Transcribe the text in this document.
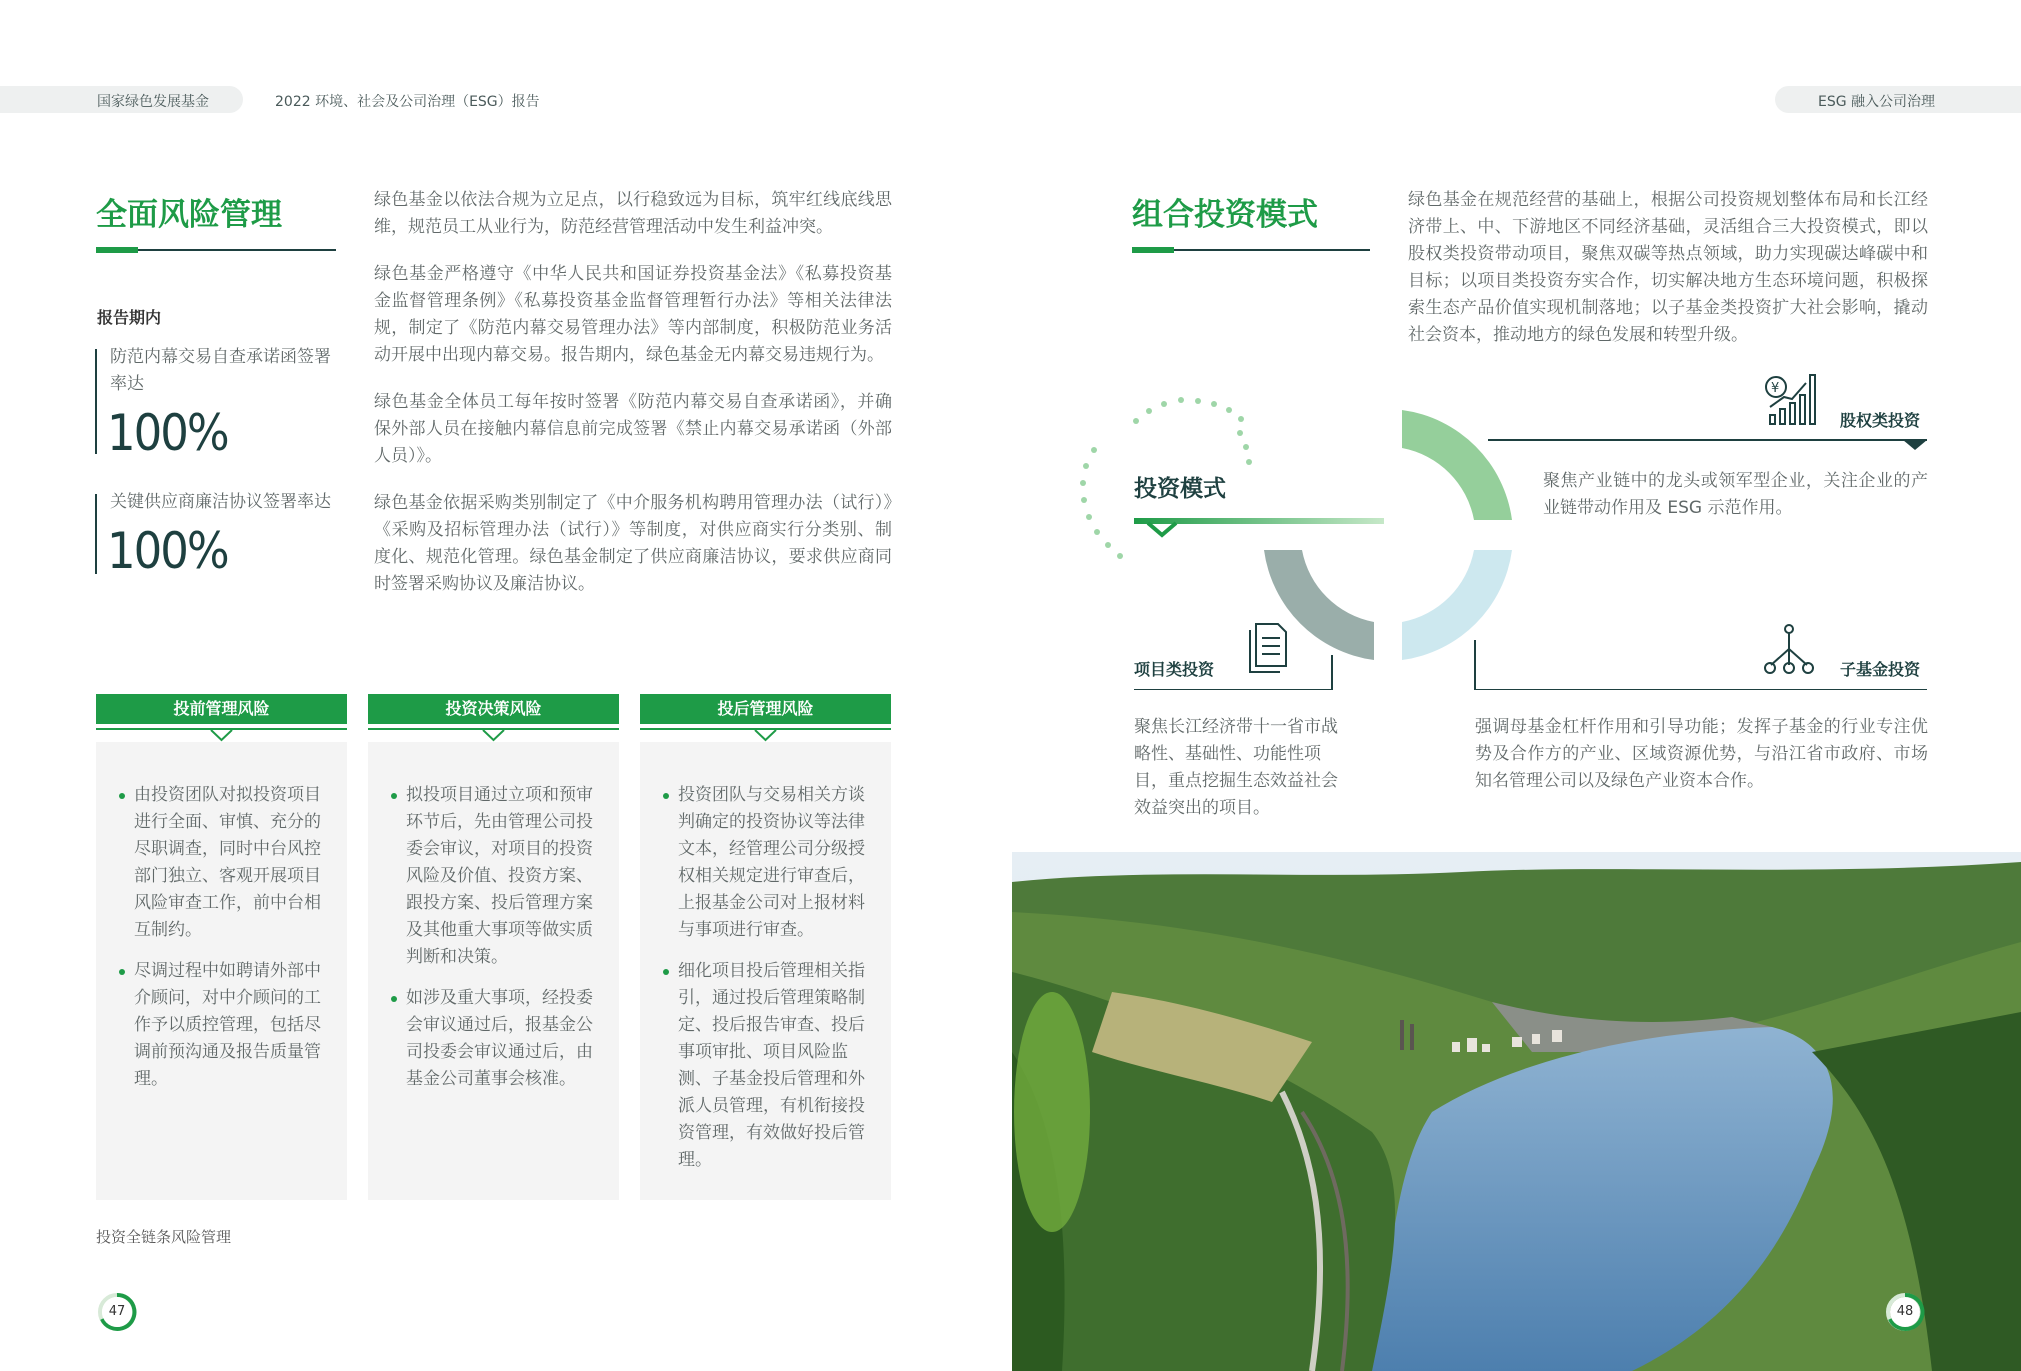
国家绿色发展基金	2022 环境、社会及公司治理（ESG）报告	ESG 融入公司治理
全面风险管理
报告期内
防范内幕交易自查承诺函签署率达
100%
关键供应商廉洁协议签署率达
100%
绿色基金以依法合规为立足点，以行稳致远为目标，筑牢红线底线思维，规范员工从业行为，防范经营管理活动中发生利益冲突。
绿色基金严格遵守《中华人民共和国证券投资基金法》《私募投资基金监督管理条例》《私募投资基金监督管理暂行办法》等相关法律法规，制定了《防范内幕交易管理办法》等内部制度，积极防范业务活动开展中出现内幕交易。报告期内，绿色基金无内幕交易违规行为。
绿色基金全体员工每年按时签署《防范内幕交易自查承诺函》，并确保外部人员在接触内幕信息前完成签署《禁止内幕交易承诺函（外部人员）》。
绿色基金依据采购类别制定了《中介服务机构聘用管理办法（试行）》《采购及招标管理办法（试行）》等制度，对供应商实行分类别、制度化、规范化管理。绿色基金制定了供应商廉洁协议，要求供应商同时签署采购协议及廉洁协议。
投前管理风险
由投资团队对拟投资项目进行全面、审慎、充分的尽职调查，同时中台风控部门独立、客观开展项目风险审查工作，前中台相互制约。
尽调过程中如聘请外部中介顾问，对中介顾问的工作予以质控管理，包括尽调前预沟通及报告质量管理。
投资决策风险
拟投项目通过立项和预审环节后，先由管理公司投委会审议，对项目的投资风险及价值、投资方案、跟投方案、投后管理方案及其他重大事项等做实质判断和决策。
如涉及重大事项，经投委会审议通过后，报基金公司投委会审议通过后，由基金公司董事会核准。
投后管理风险
投资团队与交易相关方谈判确定的投资协议等法律文本，经管理公司分级授权相关规定进行审查后，上报基金公司对上报材料与事项进行审查。
细化项目投后管理相关指引，通过投后管理策略制定、投后报告审查、投后事项审批、项目风险监测、子基金投后管理和外派人员管理，有机衔接投资管理，有效做好投后管理。
投资全链条风险管理
47
组合投资模式	绿色基金在规范经营的基础上，根据公司投资规划整体布局和长江经济带上、中、下游地区不同经济基础，灵活组合三大投资模式，即以股权类投资带动项目，聚焦双碳等热点领域，助力实现碳达峰碳中和目标；以项目类投资夯实合作，切实解决地方生态环境问题，积极探索生态产品价值实现机制落地；以子基金类投资扩大社会影响，撬动社会资本，推动地方的绿色发展和转型升级。
投资模式
¥
股权类投资
聚焦产业链中的龙头或领军型企业，关注企业的产业链带动作用及 ESG 示范作用。
项目类投资
聚焦长江经济带十一省市战略性、基础性、功能性项目，重点挖掘生态效益社会效益突出的项目。
子基金投资
强调母基金杠杆作用和引导功能；发挥子基金的行业专注优势及合作方的产业、区域资源优势，与沿江省市政府、市场知名管理公司以及绿色产业资本合作。
48
